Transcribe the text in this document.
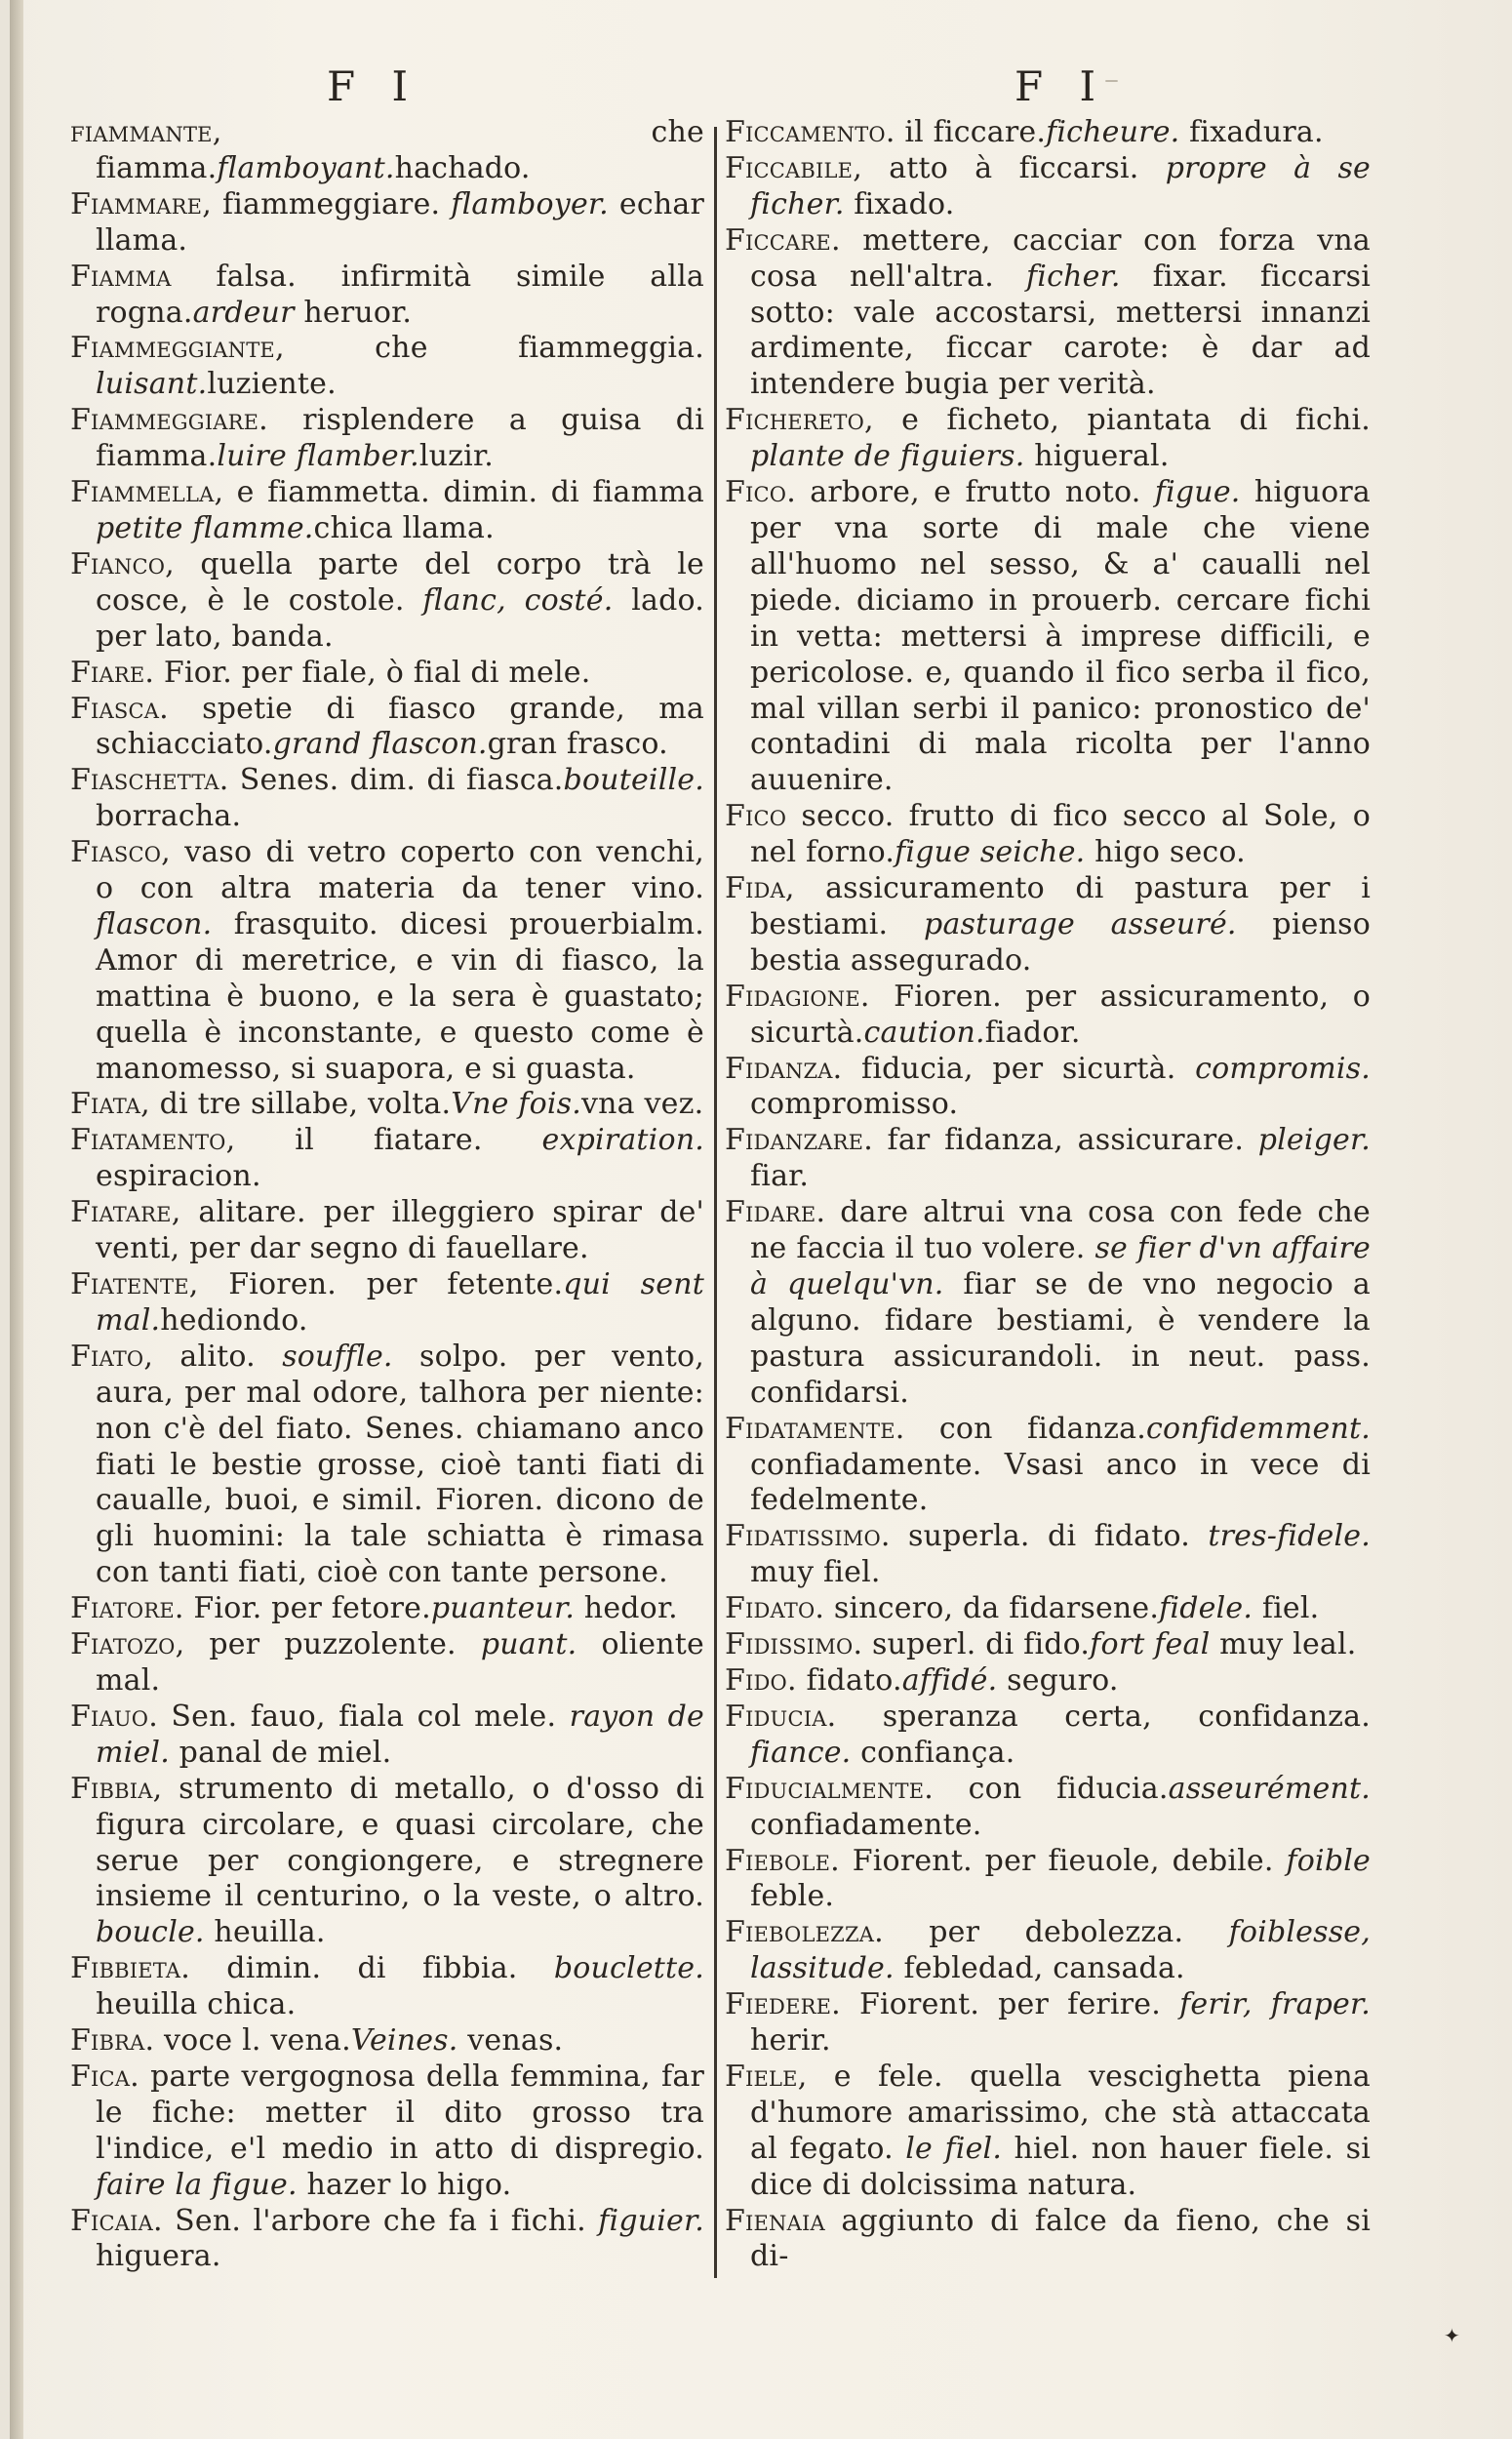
F I	F I
–

fiammante, che fiamma.flamboyant.hachado.

Fiammare, fiammeggiare. flamboyer. echar llama.

Fiamma falsa. infirmità simile alla rogna.ardeur heruor.

Fiammeggiante, che fiammeggia. luisant.luziente.

Fiammeggiare. risplendere a guisa di fiamma.luire flamber.luzir.

Fiammella, e fiammetta. dimin. di fiamma petite flamme.chica llama.

Fianco, quella parte del corpo trà le cosce, è le costole. flanc, costé. lado. per lato, banda.

Fiare. Fior. per fiale, ò fial di mele.

Fiasca. spetie di fiasco grande, ma schiacciato.grand flascon.gran frasco.

Fiaschetta. Senes. dim. di fiasca.bouteille. borracha.

Fiasco, vaso di vetro coperto con venchi, o con altra materia da tener vino. flascon. frasquito. dicesi prouerbialm. Amor di meretrice, e vin di fiasco, la mattina è buono, e la sera è guastato; quella è inconstante, e questo come è manomesso, si suapora, e si guasta.

Fiata, di tre sillabe, volta.Vne fois.vna vez.

Fiatamento, il fiatare. expiration. espiracion.

Fiatare, alitare. per illeggiero spirar de' venti, per dar segno di fauellare.

Fiatente, Fioren. per fetente.qui sent mal.hediondo.

Fiato, alito. souffle. solpo. per vento, aura, per mal odore, talhora per niente: non c'è del fiato. Senes. chiamano anco fiati le bestie grosse, cioè tanti fiati di caualle, buoi, e simil. Fioren. dicono de gli huomini: la tale schiatta è rimasa con tanti fiati, cioè con tante persone.

Fiatore. Fior. per fetore.puanteur. hedor.

Fiatozo, per puzzolente. puant. oliente mal.

Fiauo. Sen. fauo, fiala col mele. rayon de miel. panal de miel.

Fibbia, strumento di metallo, o d'osso di figura circolare, e quasi circolare, che serue per congiongere, e stregnere insieme il centurino, o la veste, o altro. boucle. heuilla.

Fibbieta. dimin. di fibbia. bouclette. heuilla chica.

Fibra. voce l. vena.Veines. venas.

Fica. parte vergognosa della femmina, far le fiche: metter il dito grosso tra l'indice, e'l medio in atto di dispregio. faire la figue. hazer lo higo.

Ficaia. Sen. l'arbore che fa i fichi. figuier. higuera.

Ficcamento. il ficcare.ficheure. fixadura.

Ficcabile, atto à ficcarsi. propre à se ficher. fixado.

Ficcare. mettere, cacciar con forza vna cosa nell'altra. ficher. fixar. ficcarsi sotto: vale accostarsi, mettersi innanzi ardimente, ficcar carote: è dar ad intendere bugia per verità.

Fichereto, e ficheto, piantata di fichi. plante de figuiers. higueral.

Fico. arbore, e frutto noto. figue. higuora per vna sorte di male che viene all'huomo nel sesso, & a' caualli nel piede. diciamo in prouerb. cercare fichi in vetta: mettersi à imprese difficili, e pericolose. e, quando il fico serba il fico, mal villan serbi il panico: pronostico de' contadini di mala ricolta per l'anno auuenire.

Fico secco. frutto di fico secco al Sole, o nel forno.figue seiche. higo seco.

Fida, assicuramento di pastura per i bestiami. pasturage asseuré. pienso bestia assegurado.

Fidagione. Fioren. per assicuramento, o sicurtà.caution.fiador.

Fidanza. fiducia, per sicurtà. compromis. compromisso.

Fidanzare. far fidanza, assicurare. pleiger. fiar.

Fidare. dare altrui vna cosa con fede che ne faccia il tuo volere. se fier d'vn affaire à quelqu'vn. fiar se de vno negocio a alguno. fidare bestiami, è vendere la pastura assicurandoli. in neut. pass. confidarsi.

Fidatamente. con fidanza.confidemment. confiadamente. Vsasi anco in vece di fedelmente.

Fidatissimo. superla. di fidato. tres-fidele. muy fiel.

Fidato. sincero, da fidarsene.fidele. fiel.

Fidissimo. superl. di fido.fort feal muy leal.

Fido. fidato.affidé. seguro.

Fiducia. speranza certa, confidanza. fiance. confiança.

Fiducialmente. con fiducia.asseurément. confiadamente.

Fiebole. Fiorent. per fieuole, debile. foible feble.

Fiebolezza. per debolezza. foiblesse, lassitude. febledad, cansada.

Fiedere. Fiorent. per ferire. ferir, fraper. herir.

Fiele, e fele. quella vescighetta piena d'humore amarissimo, che stà attaccata al fegato. le fiel. hiel. non hauer fiele. si dice di dolcissima natura.

Fienaia aggiunto di falce da fieno, che si di-

✦
